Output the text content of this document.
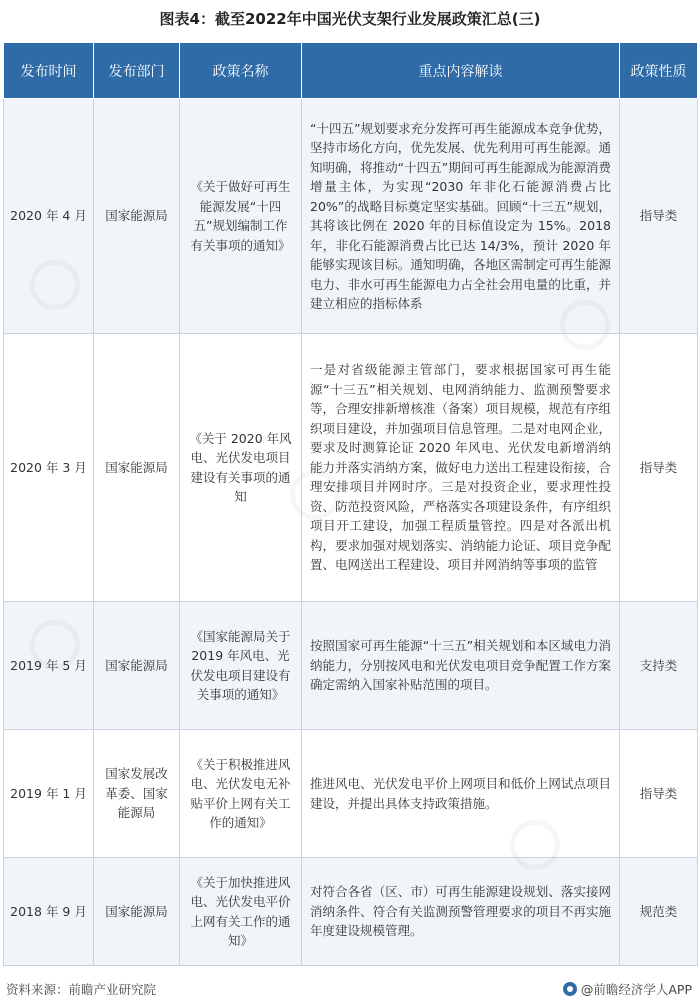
图表4：截至2022年中国光伏支架行业发展政策汇总(三)
发布时间	发布部门	政策名称	重点内容解读	政策性质
2020 年 4 月	国家能源局	《关于做好可再生能源发展“十四五”规划编制工作有关事项的通知》	“十四五”规划要求充分发挥可再生能源成本竞争优势，坚持市场化方向，优先发展、优先利用可再生能源。通知明确，将推动“十四五”期间可再生能源成为能源消费增量主体，为实现“2030 年非化石能源消费占比 20%”的战略目标奠定坚实基础。回顾“十三五”规划，其将该比例在 2020 年的目标值设定为 15%。2018 年，非化石能源消费占比已达 14/3%，预计 2020 年能够实现该目标。通知明确，各地区需制定可再生能源电力、非水可再生能源电力占全社会用电量的比重，并建立相应的指标体系	指导类
2020 年 3 月	国家能源局	《关于 2020 年风电、光伏发电项目建设有关事项的通知	一是对省级能源主管部门，要求根据国家可再生能源“十三五”相关规划、电网消纳能力、监测预警要求等，合理安排新增核准（备案）项目规模，规范有序组织项目建设，并加强项目信息管理。二是对电网企业，要求及时测算论证 2020 年风电、光伏发电新增消纳能力并落实消纳方案，做好电力送出工程建设衔接，合理安排项目并网时序。三是对投资企业，要求理性投资、防范投资风险，严格落实各项建设条件，有序组织项目开工建设，加强工程质量管控。四是对各派出机构，要求加强对规划落实、消纳能力论证、项目竞争配置、电网送出工程建设、项目并网消纳等事项的监管	指导类
2019 年 5 月	国家能源局	《国家能源局关于 2019 年风电、光伏发电项目建设有关事项的通知》	按照国家可再生能源“十三五”相关规划和本区域电力消纳能力，分别按风电和光伏发电项目竞争配置工作方案确定需纳入国家补贴范围的项目。	支持类
2019 年 1 月	国家发展改革委、国家能源局	《关于积极推进风电、光伏发电无补贴平价上网有关工作的通知》	推进风电、光伏发电平价上网项目和低价上网试点项目建设，并提出具体支持政策措施。	指导类
2018 年 9 月	国家能源局	《关于加快推进风电、光伏发电平价上网有关工作的通知》	对符合各省（区、市）可再生能源建设规划、落实接网消纳条件、符合有关监测预警管理要求的项目不再实施年度建设规模管理。	规范类
资料来源：前瞻产业研究院	@前瞻经济学人APP
